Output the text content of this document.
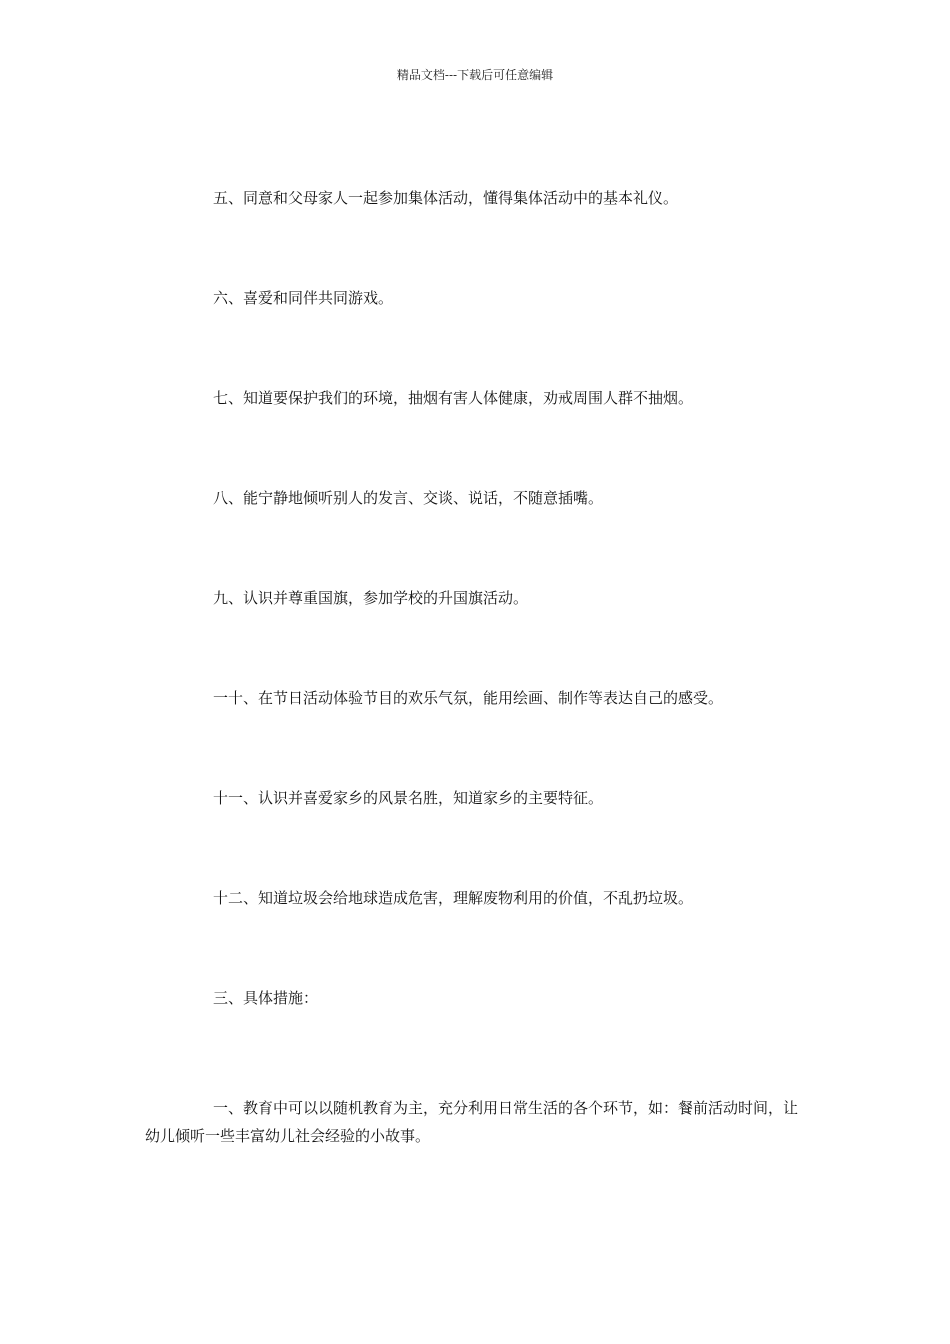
精品文档---下载后可任意编辑

五、同意和父母家人一起参加集体活动，懂得集体活动中的基本礼仪。

六、喜爱和同伴共同游戏。

七、知道要保护我们的环境，抽烟有害人体健康，劝戒周围人群不抽烟。

八、能宁静地倾听别人的发言、交谈、说话，不随意插嘴。

九、认识并尊重国旗，参加学校的升国旗活动。

一十、在节日活动体验节目的欢乐气氛，能用绘画、制作等表达自己的感受。

十一、认识并喜爱家乡的风景名胜，知道家乡的主要特征。

十二、知道垃圾会给地球造成危害，理解废物利用的价值，不乱扔垃圾。

三、具体措施：

一、教育中可以以随机教育为主，充分利用日常生活的各个环节，如：餐前活动时间，让幼儿倾听一些丰富幼儿社会经验的小故事。
